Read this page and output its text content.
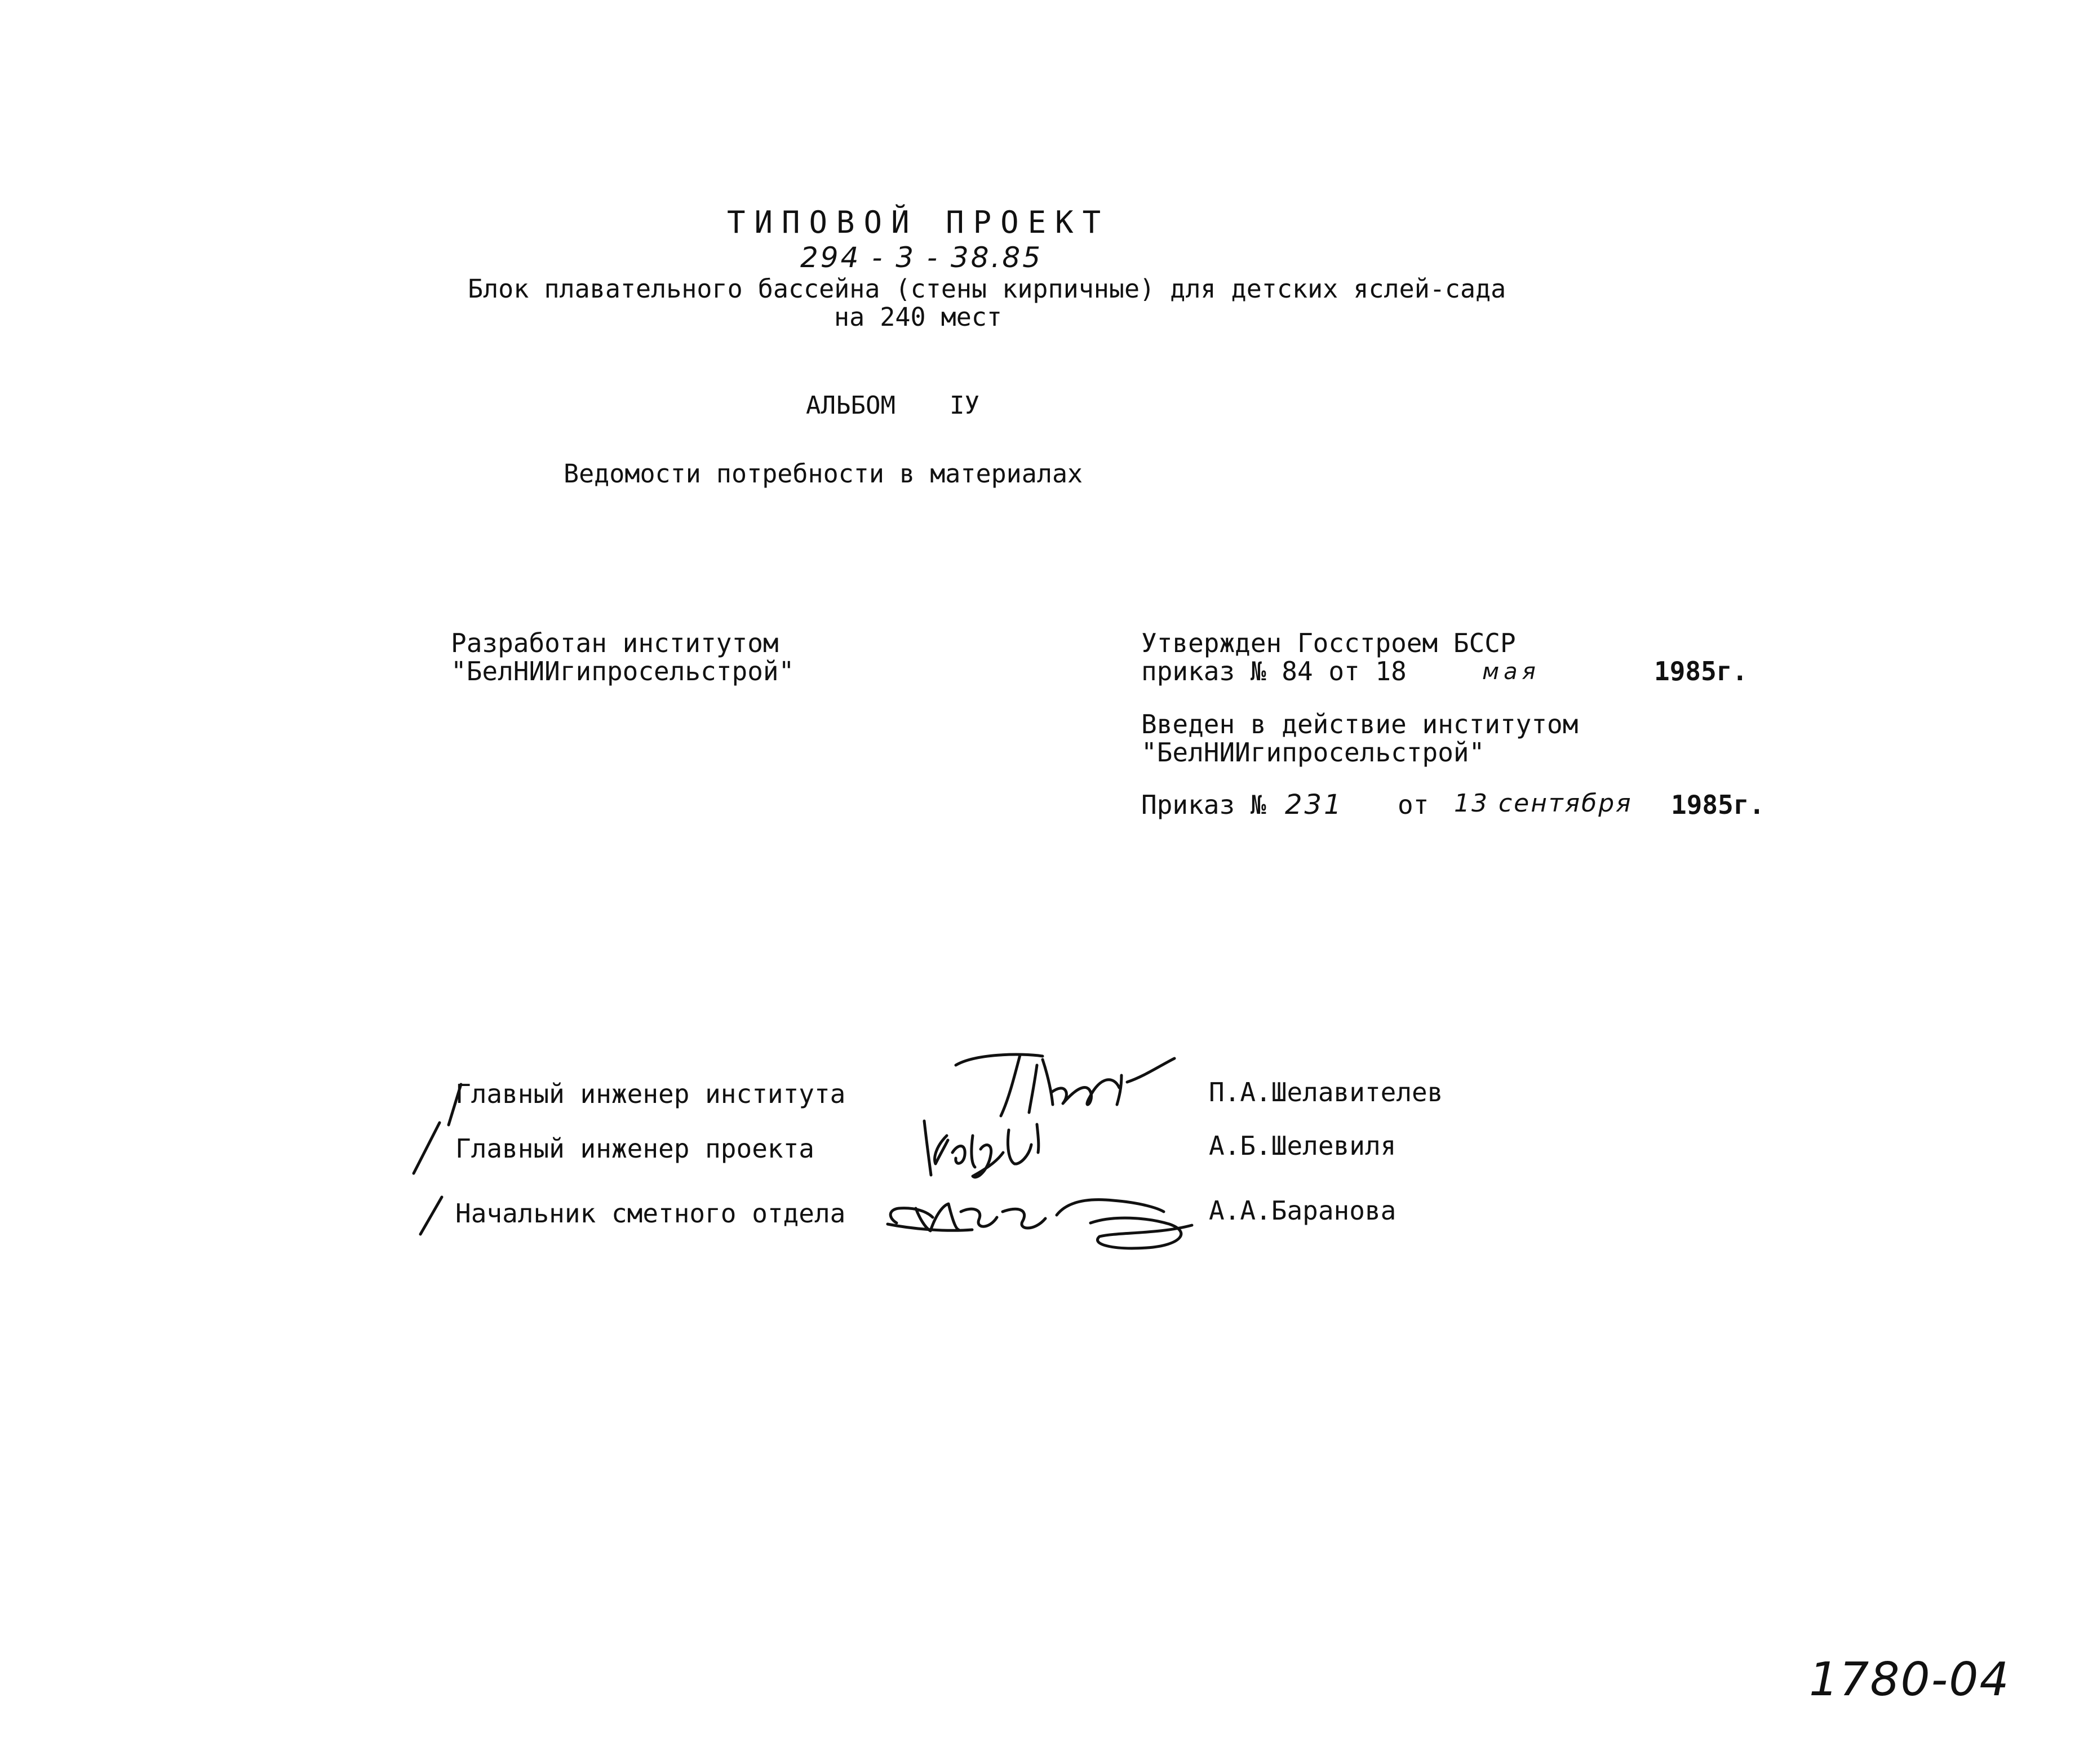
ТИПОВОЙ ПРОЕКТ
294 - 3 - 38.85
Блок плавательного бассейна (стены кирпичные) для детских яслей-сада
на 240 мест
АЛЬБОМ IУ
Ведомости потребности в материалах
Разработан институтом
"БелНИИгипросельстрой"
Утвержден Госстроем БССР
приказ № 84 от 18	мая	1985г.
Введен в действие институтом
"БелНИИгипросельстрой"
Приказ № 231 от 13 сентября 1985г.
Главный инженер института	П.А.Шелавителев
Главный инженер проекта	А.Б.Шелевиля
Начальник сметного отдела	А.А.Баранова
1780-04
